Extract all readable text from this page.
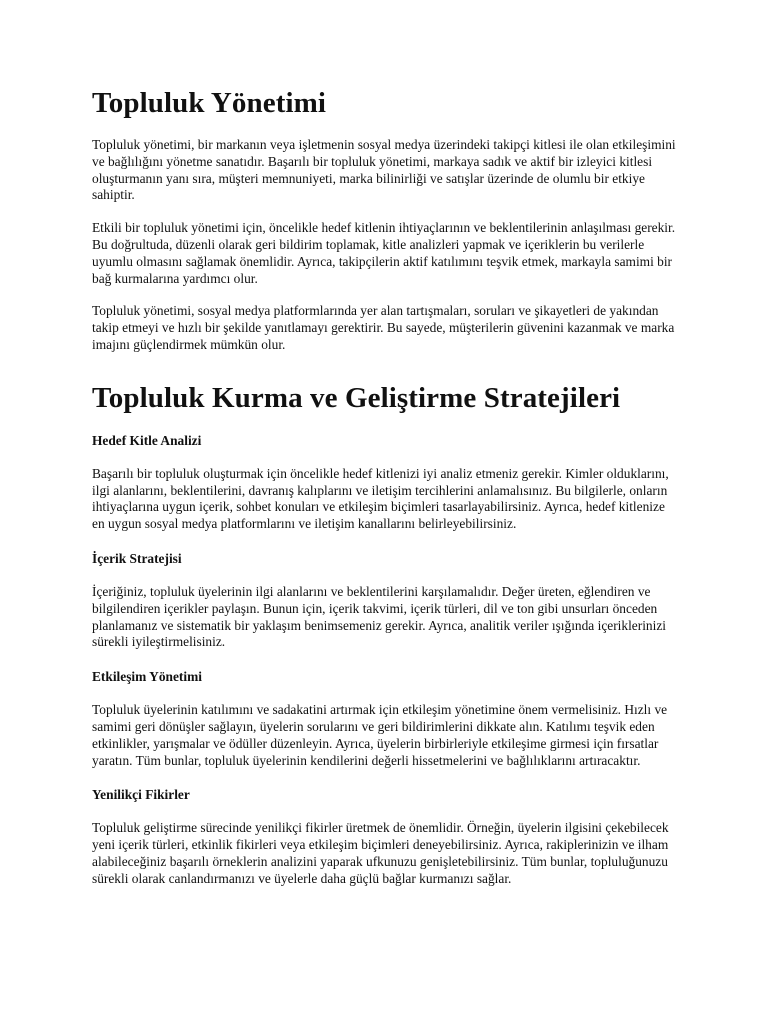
Topluluk Yönetimi

Topluluk yönetimi, bir markanın veya işletmenin sosyal medya üzerindeki takipçi kitlesi ile olan etkileşimini ve bağlılığını yönetme sanatıdır. Başarılı bir topluluk yönetimi, markaya sadık ve aktif bir izleyici kitlesi oluşturmanın yanı sıra, müşteri memnuniyeti, marka bilinirliği ve satışlar üzerinde de olumlu bir etkiye sahiptir.

Etkili bir topluluk yönetimi için, öncelikle hedef kitlenin ihtiyaçlarının ve beklentilerinin anlaşılması gerekir. Bu doğrultuda, düzenli olarak geri bildirim toplamak, kitle analizleri yapmak ve içeriklerin bu verilerle uyumlu olmasını sağlamak önemlidir. Ayrıca, takipçilerin aktif katılımını teşvik etmek, markayla samimi bir bağ kurmalarına yardımcı olur.

Topluluk yönetimi, sosyal medya platformlarında yer alan tartışmaları, soruları ve şikayetleri de yakından takip etmeyi ve hızlı bir şekilde yanıtlamayı gerektirir. Bu sayede, müşterilerin güvenini kazanmak ve marka imajını güçlendirmek mümkün olur.

Topluluk Kurma ve Geliştirme Stratejileri
Hedef Kitle Analizi

Başarılı bir topluluk oluşturmak için öncelikle hedef kitlenizi iyi analiz etmeniz gerekir. Kimler olduklarını, ilgi alanlarını, beklentilerini, davranış kalıplarını ve iletişim tercihlerini anlamalısınız. Bu bilgilerle, onların ihtiyaçlarına uygun içerik, sohbet konuları ve etkileşim biçimleri tasarlayabilirsiniz. Ayrıca, hedef kitlenize en uygun sosyal medya platformlarını ve iletişim kanallarını belirleyebilirsiniz.

İçerik Stratejisi

İçeriğiniz, topluluk üyelerinin ilgi alanlarını ve beklentilerini karşılamalıdır. Değer üreten, eğlendiren ve bilgilendiren içerikler paylaşın. Bunun için, içerik takvimi, içerik türleri, dil ve ton gibi unsurları önceden planlamanız ve sistematik bir yaklaşım benimsemeniz gerekir. Ayrıca, analitik veriler ışığında içeriklerinizi sürekli iyileştirmelisiniz.

Etkileşim Yönetimi

Topluluk üyelerinin katılımını ve sadakatini artırmak için etkileşim yönetimine önem vermelisiniz. Hızlı ve samimi geri dönüşler sağlayın, üyelerin sorularını ve geri bildirimlerini dikkate alın. Katılımı teşvik eden etkinlikler, yarışmalar ve ödüller düzenleyin. Ayrıca, üyelerin birbirleriyle etkileşime girmesi için fırsatlar yaratın. Tüm bunlar, topluluk üyelerinin kendilerini değerli hissetmelerini ve bağlılıklarını artıracaktır.

Yenilikçi Fikirler

Topluluk geliştirme sürecinde yenilikçi fikirler üretmek de önemlidir. Örneğin, üyelerin ilgisini çekebilecek yeni içerik türleri, etkinlik fikirleri veya etkileşim biçimleri deneyebilirsiniz. Ayrıca, rakiplerinizin ve ilham alabileceğiniz başarılı örneklerin analizini yaparak ufkunuzu genişletebilirsiniz. Tüm bunlar, topluluğunuzu sürekli olarak canlandırmanızı ve üyelerle daha güçlü bağlar kurmanızı sağlar.
